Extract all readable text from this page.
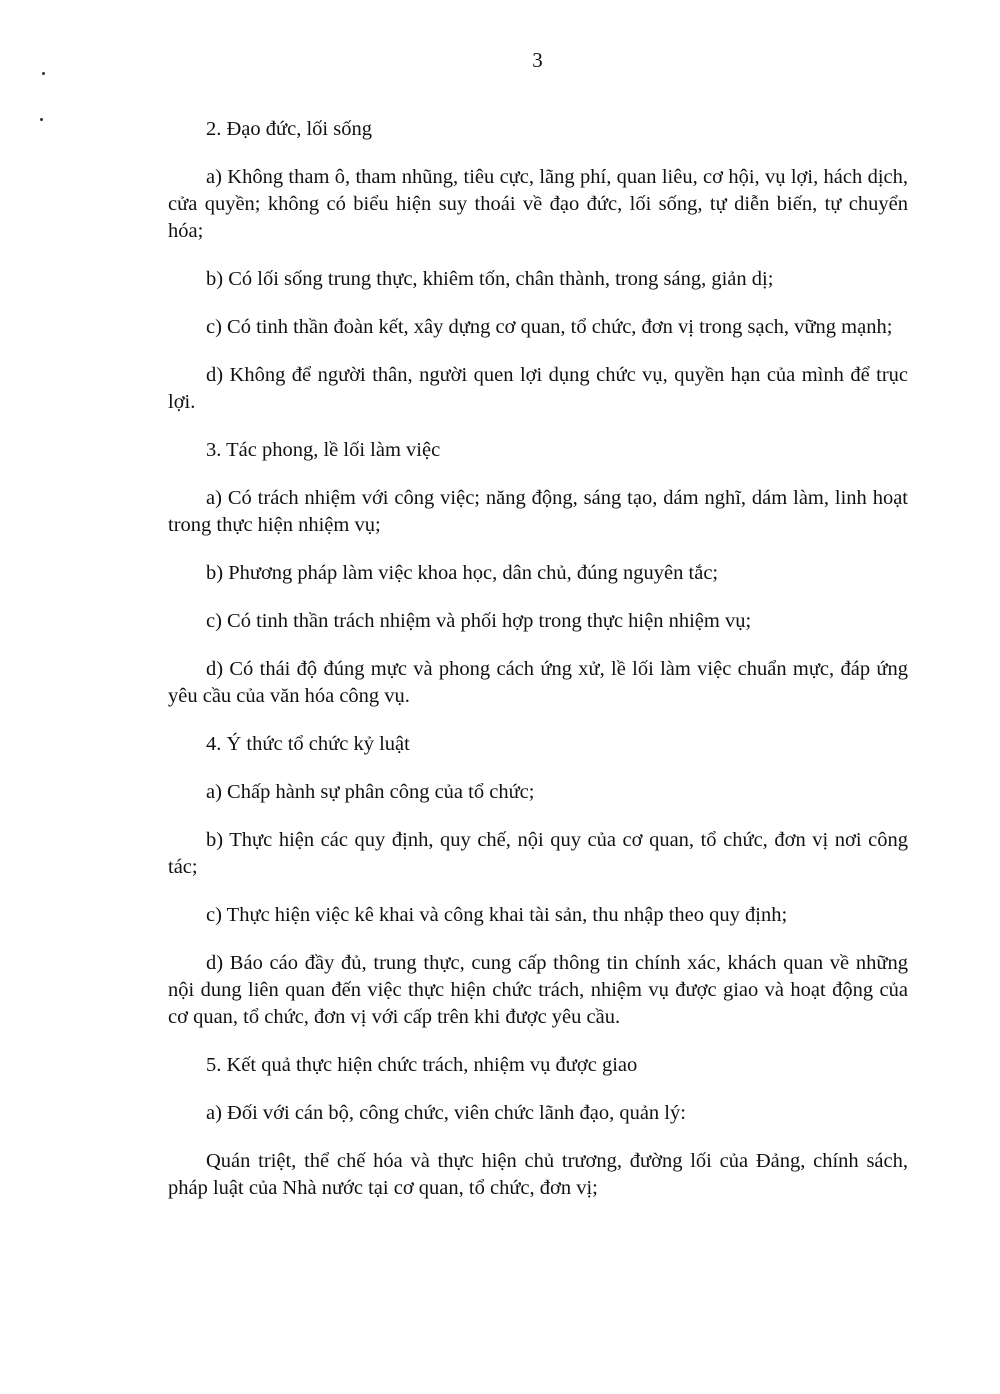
3

2. Đạo đức, lối sống

a) Không tham ô, tham nhũng, tiêu cực, lãng phí, quan liêu, cơ hội, vụ lợi, hách dịch, cửa quyền; không có biểu hiện suy thoái về đạo đức, lối sống, tự diễn biến, tự chuyển hóa;

b) Có lối sống trung thực, khiêm tốn, chân thành, trong sáng, giản dị;

c) Có tinh thần đoàn kết, xây dựng cơ quan, tổ chức, đơn vị trong sạch, vững mạnh;

d) Không để người thân, người quen lợi dụng chức vụ, quyền hạn của mình để trục lợi.

3. Tác phong, lề lối làm việc

a) Có trách nhiệm với công việc; năng động, sáng tạo, dám nghĩ, dám làm, linh hoạt trong thực hiện nhiệm vụ;

b) Phương pháp làm việc khoa học, dân chủ, đúng nguyên tắc;

c) Có tinh thần trách nhiệm và phối hợp trong thực hiện nhiệm vụ;

d) Có thái độ đúng mực và phong cách ứng xử, lề lối làm việc chuẩn mực, đáp ứng yêu cầu của văn hóa công vụ.

4. Ý thức tổ chức kỷ luật

a) Chấp hành sự phân công của tổ chức;

b) Thực hiện các quy định, quy chế, nội quy của cơ quan, tổ chức, đơn vị nơi công tác;

c) Thực hiện việc kê khai và công khai tài sản, thu nhập theo quy định;

d) Báo cáo đầy đủ, trung thực, cung cấp thông tin chính xác, khách quan về những nội dung liên quan đến việc thực hiện chức trách, nhiệm vụ được giao và hoạt động của cơ quan, tổ chức, đơn vị với cấp trên khi được yêu cầu.

5. Kết quả thực hiện chức trách, nhiệm vụ được giao

a) Đối với cán bộ, công chức, viên chức lãnh đạo, quản lý:

Quán triệt, thể chế hóa và thực hiện chủ trương, đường lối của Đảng, chính sách, pháp luật của Nhà nước tại cơ quan, tổ chức, đơn vị;
